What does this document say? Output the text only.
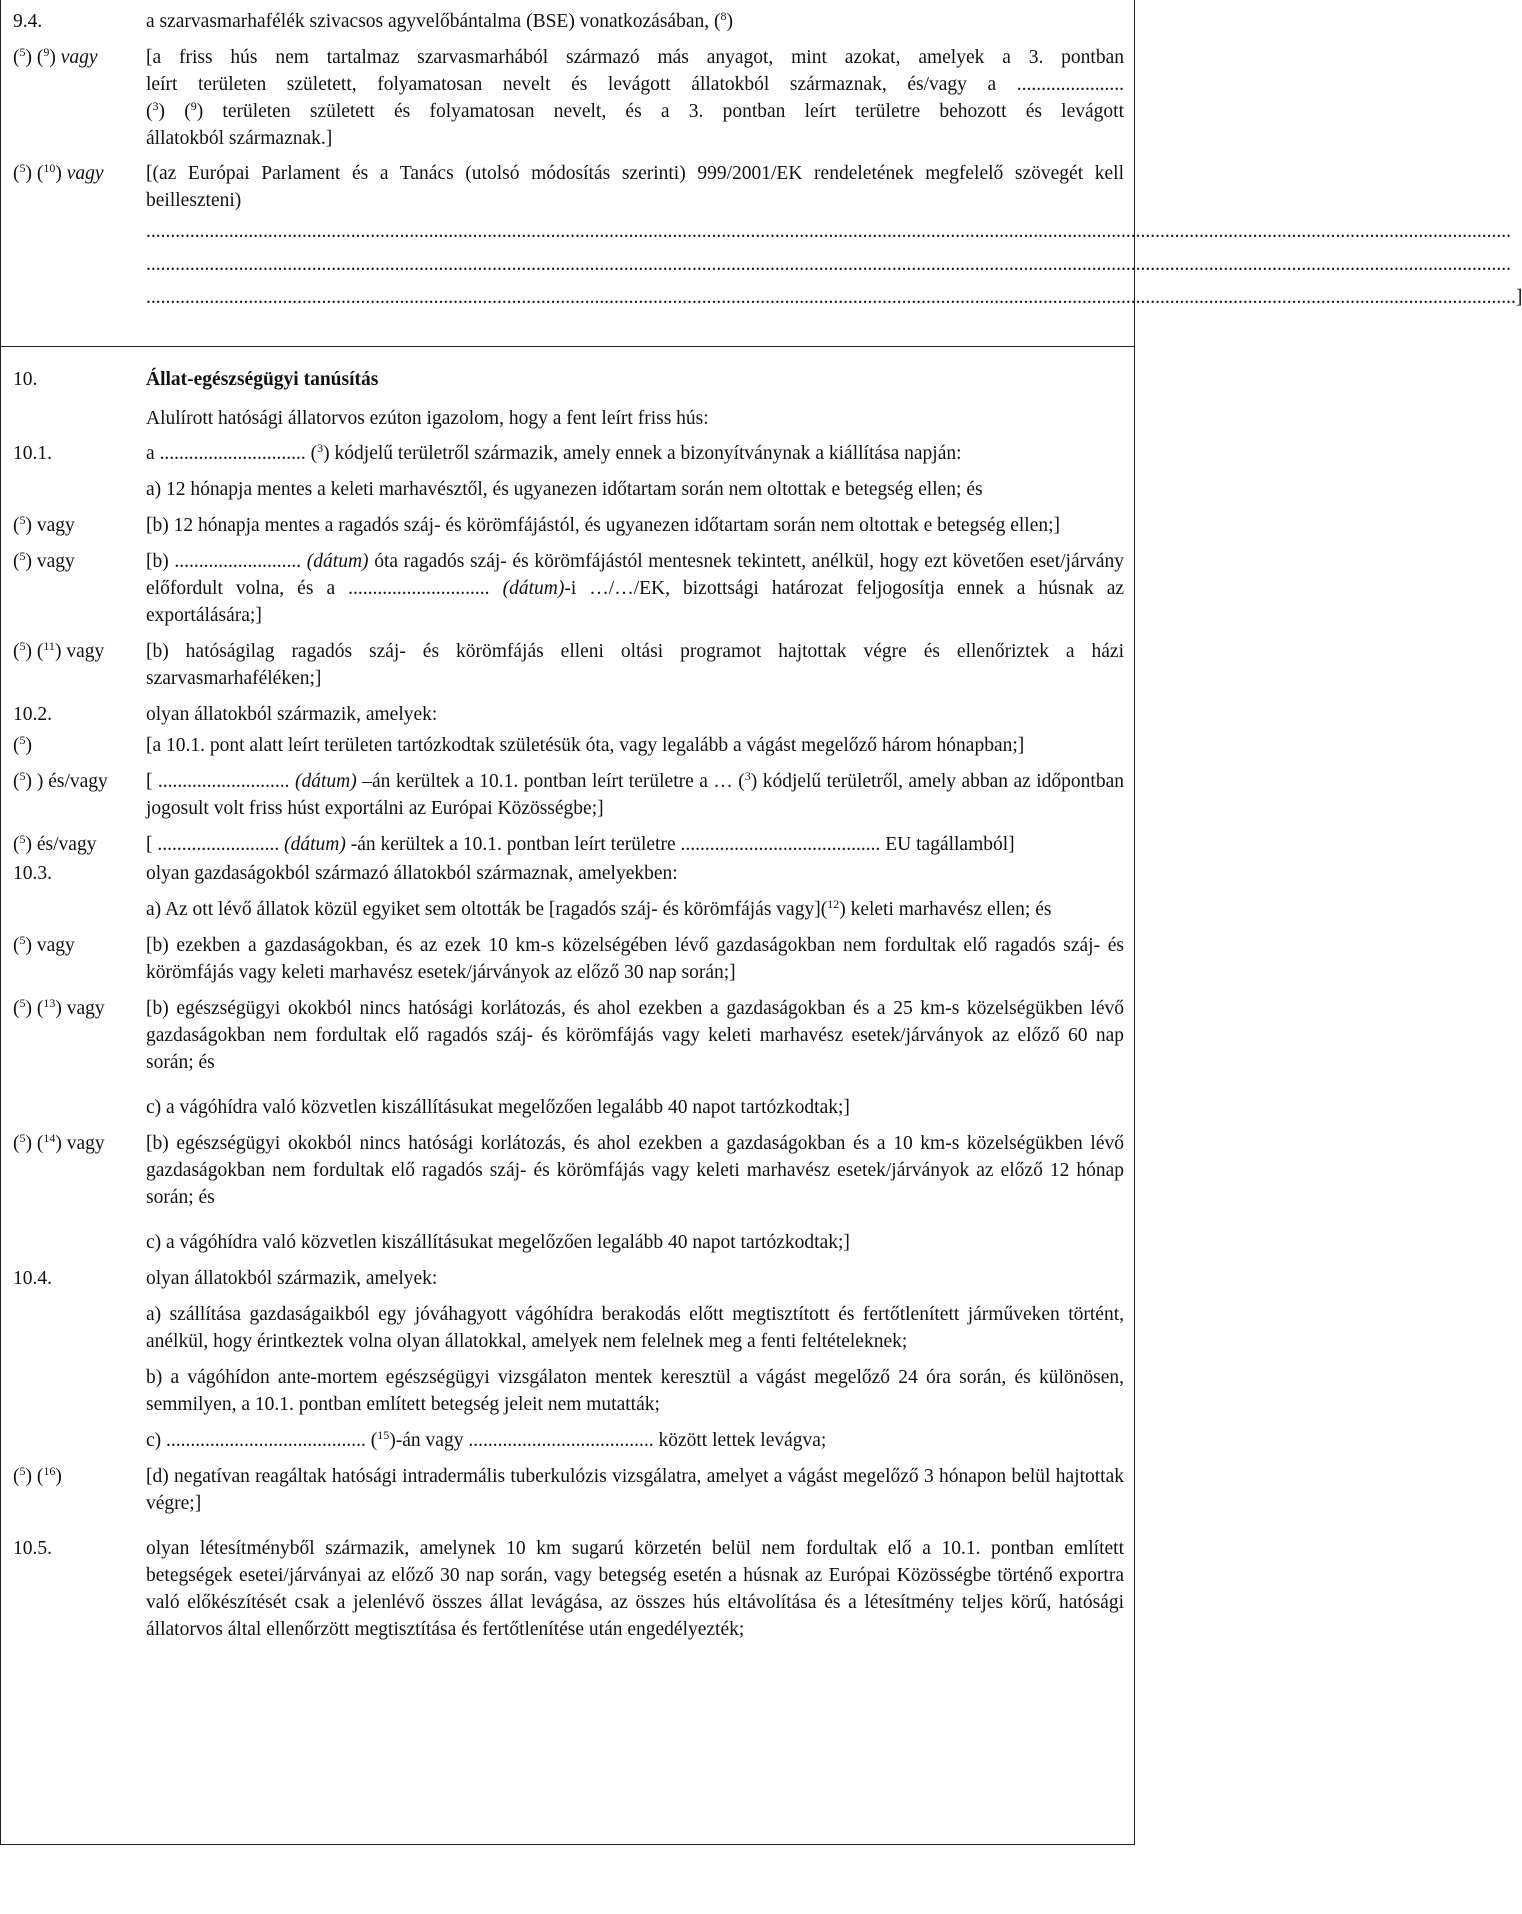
9.4.	a szarvasmarhafélék szivacsos agyvelőbántalma (BSE) vonatkozásában, ($^8$)
($^5$) ($^9$) vagy	[a friss hús nem tartalmaz szarvasmarhából származó más anyagot, mint azokat, amelyek a 3. pontban
leírt területen született, folyamatosan nevelt és levágott állatokból származnak, és/vagy a ......................
($^3$) ($^9$) területen született és folyamatosan nevelt, és a 3. pontban leírt területre behozott és levágott
állatokból származnak.]
($^5$) ($^{10}$) vagy	[(az Európai Parlament és a Tanács (utolsó módosítás szerinti) 999/2001/EK rendeletének megfelelő szövegét kell beilleszteni)
........................................................................................................................................................................................................................................................................................
........................................................................................................................................................................................................................................................................................
........................................................................................................................................................................................................................................................................................ .]
10.	Állat-egészségügyi tanúsítás
Alulírott hatósági állatorvos ezúton igazolom, hogy a fent leírt friss hús:
10.1.	a .............................. ($^3$) kódjelű területről származik, amely ennek a bizonyítványnak a kiállítása napján:
a) 12 hónapja mentes a keleti marhavésztől, és ugyanezen időtartam során nem oltottak e betegség ellen; és
($^5$) vagy	[b) 12 hónapja mentes a ragadós száj- és körömfájástól, és ugyanezen időtartam során nem oltottak e betegség ellen;]
($^5$) vagy	[b) .......................... (dátum) óta ragadós száj- és körömfájástól mentesnek tekintett, anélkül, hogy ezt követően eset/járvány előfordult volna, és a ............................. (dátum)-i …/…/EK, bizottsági határozat feljogosítja ennek a húsnak az exportálására;]
($^5$) ($^{11}$) vagy	[b) hatóságilag ragadós száj- és körömfájás elleni oltási programot hajtottak végre és ellenőriztek a házi szarvasmarhaféléken;]
10.2.	olyan állatokból származik, amelyek:
($^5$)	[a 10.1. pont alatt leírt területen tartózkodtak születésük óta, vagy legalább a vágást megelőző három hónapban;]
($^5$) ) és/vagy	[ ........................... (dátum) –án kerültek a 10.1. pontban leírt területre a … ($^3$) kódjelű területről, amely abban az időpontban jogosult volt friss húst exportálni az Európai Közösségbe;]
($^5$) és/vagy	[ ......................... (dátum) -án kerültek a 10.1. pontban leírt területre ......................................... EU tagállamból]
10.3.	olyan gazdaságokból származó állatokból származnak, amelyekben:
a) Az ott lévő állatok közül egyiket sem oltották be [ragadós száj- és körömfájás vagy]($^{12}$) keleti marhavész ellen; és
($^5$) vagy	[b) ezekben a gazdaságokban, és az ezek 10 km-s közelségében lévő gazdaságokban nem fordultak elő ragadós száj- és körömfájás vagy keleti marhavész esetek/járványok az előző 30 nap során;]
($^5$) ($^{13}$) vagy	[b) egészségügyi okokból nincs hatósági korlátozás, és ahol ezekben a gazdaságokban és a 25 km-s közelségükben lévő gazdaságokban nem fordultak elő ragadós száj- és körömfájás vagy keleti marhavész esetek/járványok az előző 60 nap során; és
c) a vágóhídra való közvetlen kiszállításukat megelőzően legalább 40 napot tartózkodtak;]
($^5$) ($^{14}$) vagy	[b) egészségügyi okokból nincs hatósági korlátozás, és ahol ezekben a gazdaságokban és a 10 km-s közelségükben lévő gazdaságokban nem fordultak elő ragadós száj- és körömfájás vagy keleti marhavész esetek/járványok az előző 12 hónap során; és
c) a vágóhídra való közvetlen kiszállításukat megelőzően legalább 40 napot tartózkodtak;]
10.4.	olyan állatokból származik, amelyek:
a) szállítása gazdaságaikból egy jóváhagyott vágóhídra berakodás előtt megtisztított és fertőtlenített járműveken történt, anélkül, hogy érintkeztek volna olyan állatokkal, amelyek nem felelnek meg a fenti feltételeknek;
b) a vágóhídon ante-mortem egészségügyi vizsgálaton mentek keresztül a vágást megelőző 24 óra során, és különösen, semmilyen, a 10.1. pontban említett betegség jeleit nem mutatták;
c) ......................................... ($^{15}$)-án vagy ...................................... között lettek levágva;
($^5$) ($^{16}$)	[d) negatívan reagáltak hatósági intradermális tuberkulózis vizsgálatra, amelyet a vágást megelőző 3 hónapon belül hajtottak végre;]
10.5.	olyan létesítményből származik, amelynek 10 km sugarú körzetén belül nem fordultak elő a 10.1. pontban említett betegségek esetei/járványai az előző 30 nap során, vagy betegség esetén a húsnak az Európai Közösségbe történő exportra való előkészítését csak a jelenlévő összes állat levágása, az összes hús eltávolítása és a létesítmény teljes körű, hatósági állatorvos által ellenőrzött megtisztítása és fertőtlenítése után engedélyezték;
